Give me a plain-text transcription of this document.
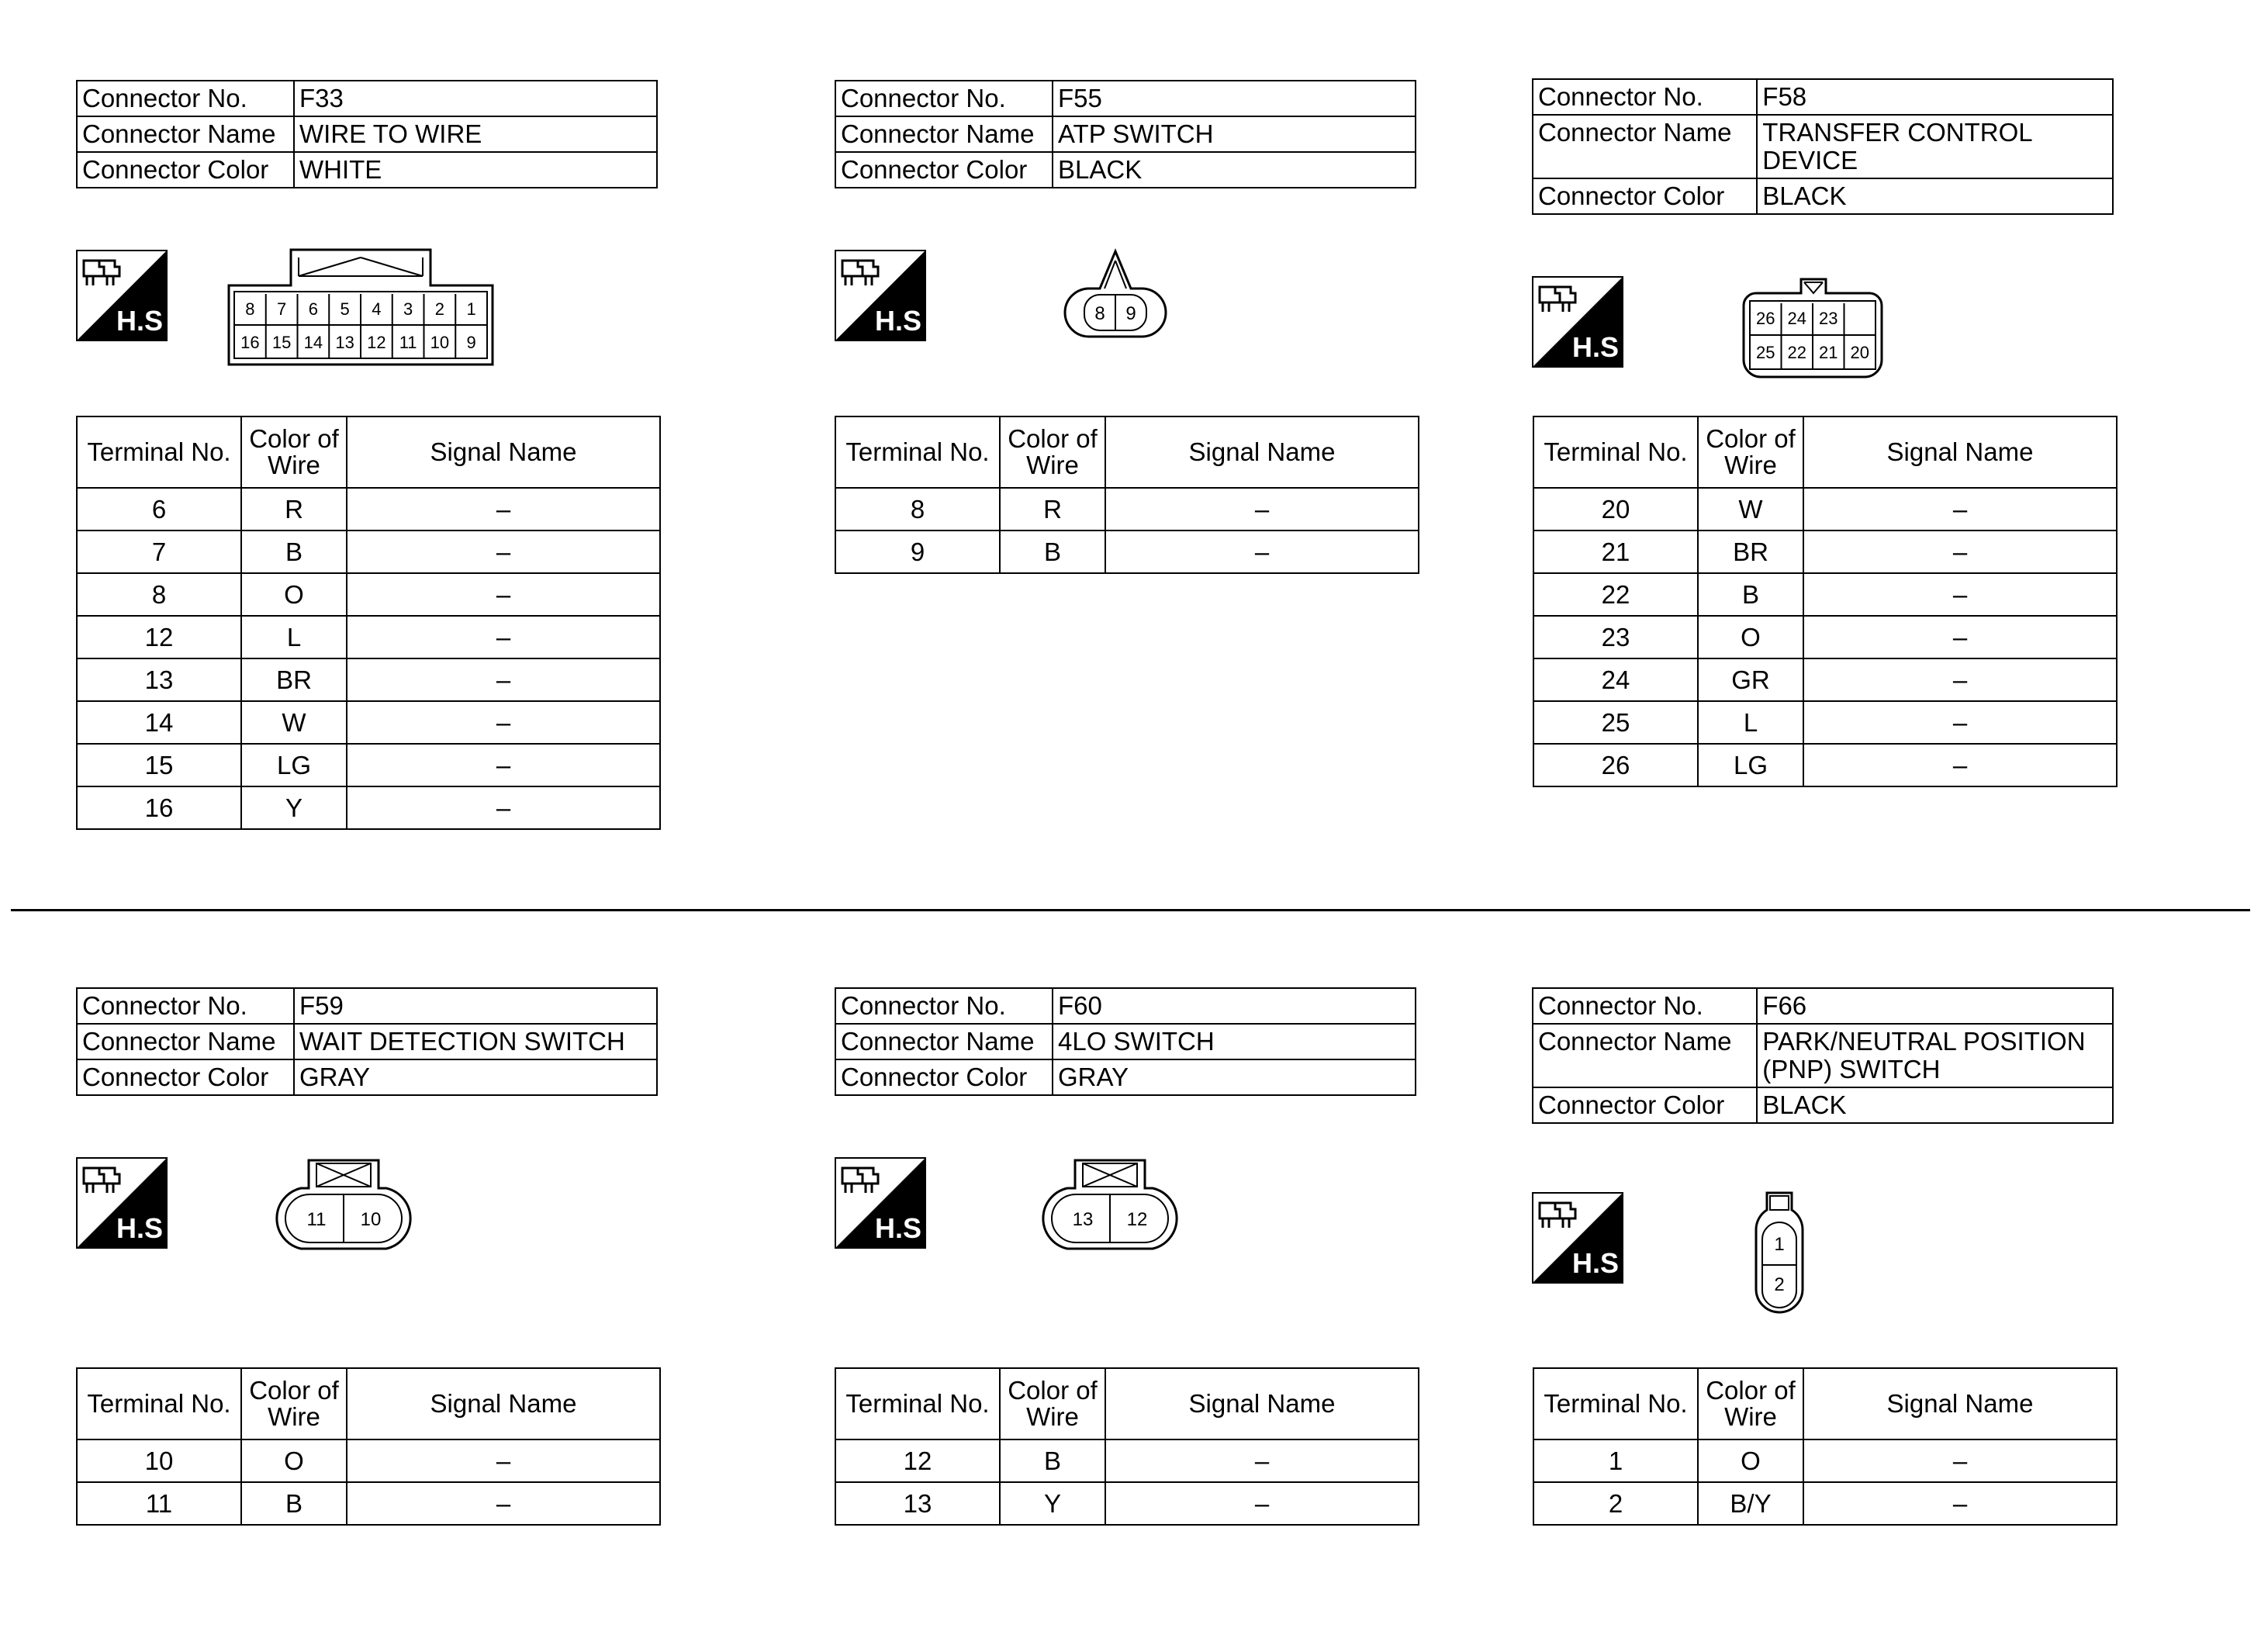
Connector No.	F33
Connector Name	WIRE TO WIRE
Connector Color	WHITE
8
16
7
15
6
14
5
13
4
12
3
11
2
10
1
9
Terminal No.	Color of Wire	Signal Name
6	R	–
7	B	–
8	O	–
12	L	–
13	BR	–
14	W	–
15	LG	–
16	Y	–
Connector No.	F55
Connector Name	ATP SWITCH
Connector Color	BLACK
8 9
Terminal No.	Color of Wire	Signal Name
8	R	–
9	B	–
Connector No.	F58
Connector Name	TRANSFER CONTROL DEVICE
Connector Color	BLACK
26
25
24
22
23
21 20
Terminal No.	Color of Wire	Signal Name
20	W	–
21	BR	–
22	B	–
23	O	–
24	GR	–
25	L	–
26	LG	–
Connector No.	F59
Connector Name	WAIT DETECTION SWITCH
Connector Color	GRAY
11 10
Terminal No.	Color of Wire	Signal Name
10	O	–
11	B	–
Connector No.	F60
Connector Name	4LO SWITCH
Connector Color	GRAY
13 12
Terminal No.	Color of Wire	Signal Name
12	B	–
13	Y	–
Connector No.	F66
Connector Name	PARK/NEUTRAL POSITION (PNP) SWITCH
Connector Color	BLACK
1
2
Terminal No.	Color of Wire	Signal Name
1	O	–
2	B/Y	–
